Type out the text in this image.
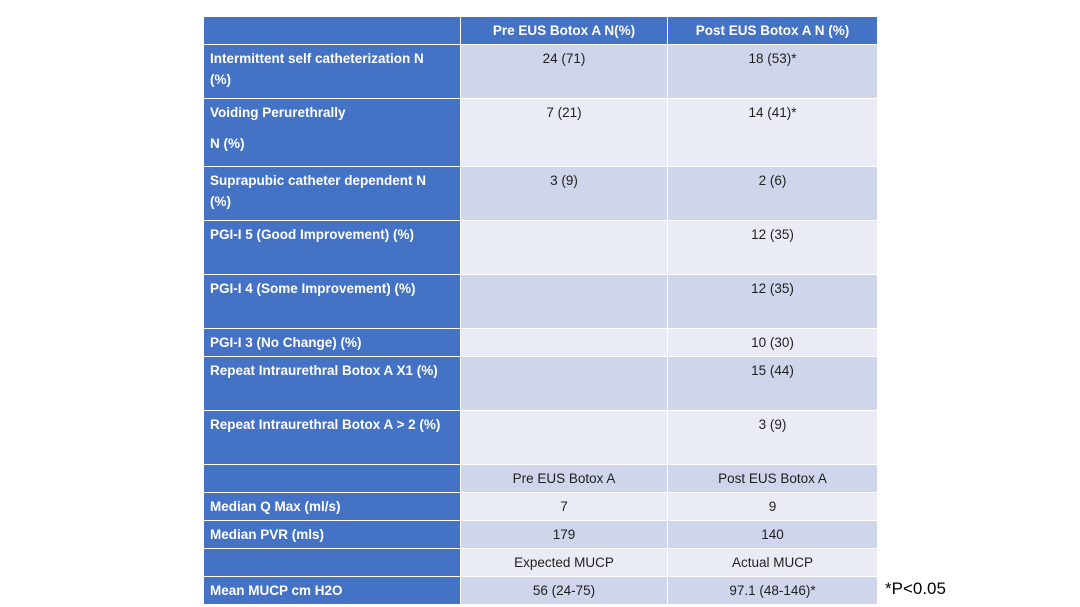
	Pre EUS Botox A N(%)	Post EUS Botox A N (%)

Intermittent self catheterization N
(%)	24 (71)	18 (53)*

Voiding Perurethrally
N (%)	7 (21)	14 (41)*

Suprapubic catheter dependent N
(%)	3 (9)	2 (6)

PGI-I 5 (Good Improvement) (%)		12 (35)

PGI-I 4 (Some Improvement) (%)		12 (35)

PGI-I 3 (No Change) (%)		10 (30)

Repeat Intraurethral Botox A X1 (%)		15 (44)

Repeat Intraurethral Botox A > 2 (%)		3 (9)

	Pre EUS Botox A	Post EUS Botox A

Median Q Max (ml/s)	7	9

Median PVR (mls)	179	140

	Expected MUCP	Actual MUCP

Mean MUCP cm H2O	56 (24-75)	97.1 (48-146)*	*P<0.05
